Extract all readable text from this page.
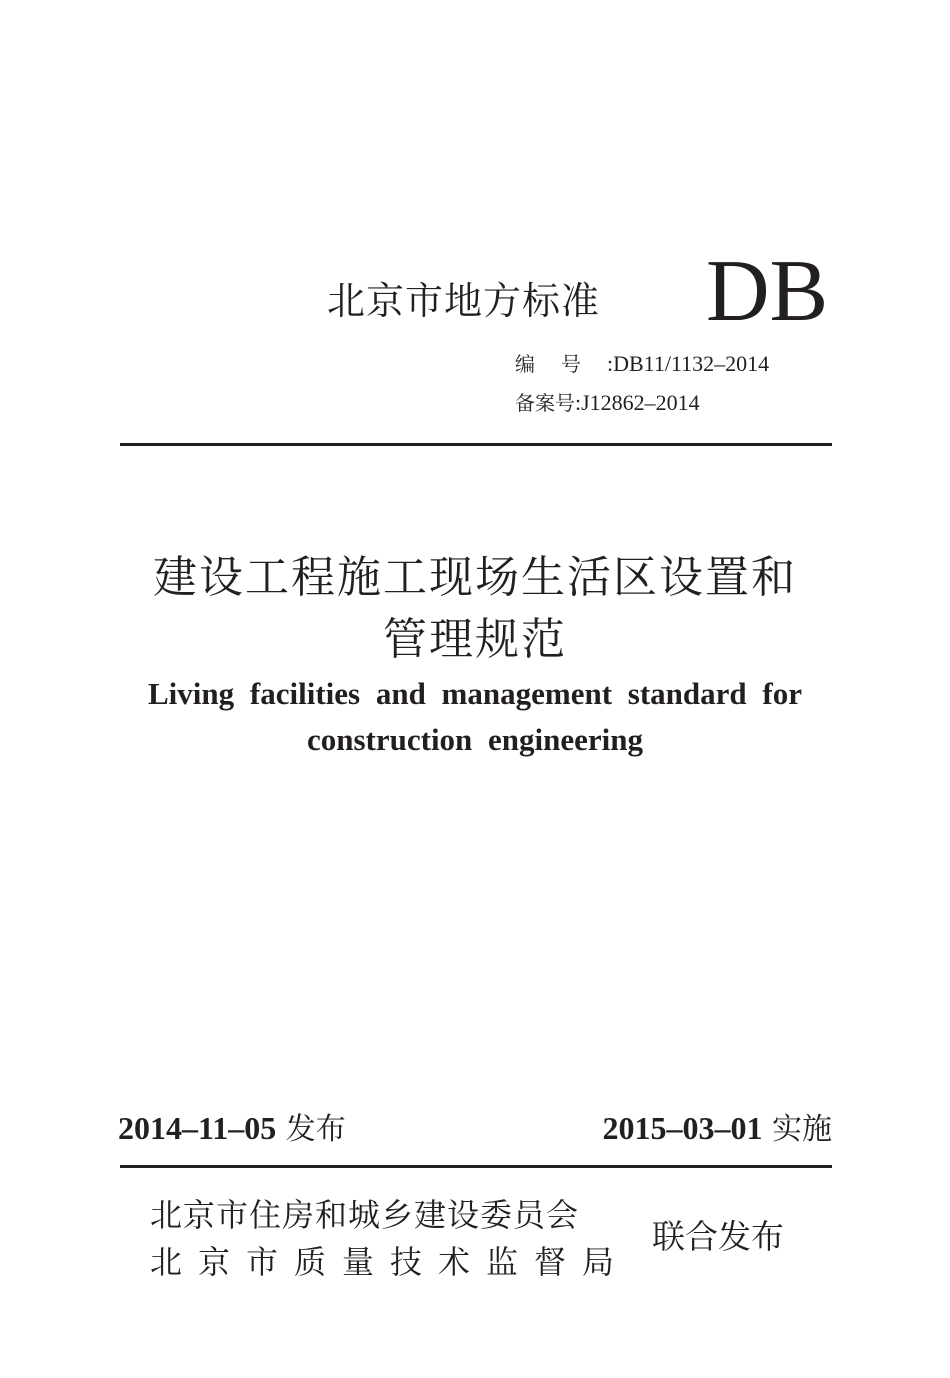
北京市地方标准 DB
编号:DB11/1132–2014
备案号:J12862–2014
建设工程施工现场生活区设置和
管理规范
Living facilities and management standard for
construction engineering
2014–11–05 发布	2015–03–01 实施
北京市住房和城乡建设委员会
北京市质量技术监督局
联合发布
